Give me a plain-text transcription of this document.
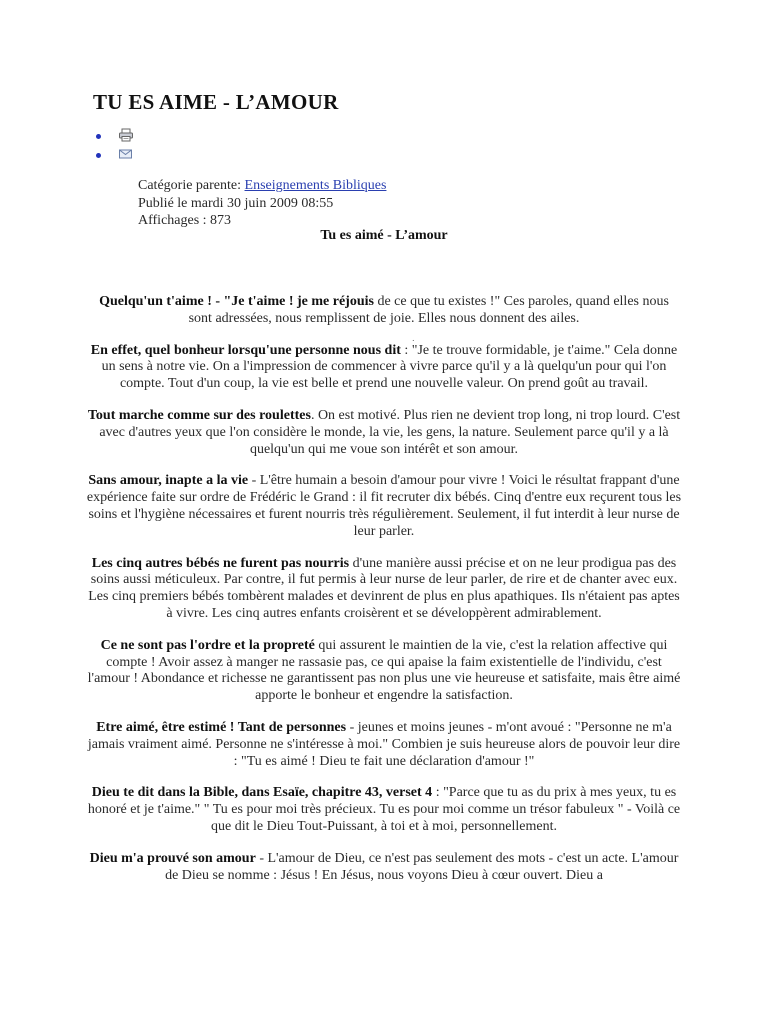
TU ES AIME - L’AMOUR
Catégorie parente: Enseignements Bibliques
Publié le mardi 30 juin 2009 08:55
Affichages : 873
Tu es aimé - L’amour
.

Quelqu'un t'aime ! - "Je t'aime ! je me réjouis de ce que tu existes !" Ces paroles, quand elles nous sont adressées, nous remplissent de joie. Elles nous donnent des ailes.

En effet, quel bonheur lorsqu'une personne nous dit : "Je te trouve formidable, je t'aime." Cela donne un sens à notre vie. On a l'impression de commencer à vivre parce qu'il y a là quelqu'un pour qui l'on compte. Tout d'un coup, la vie est belle et prend une nouvelle valeur. On prend goût au travail.

Tout marche comme sur des roulettes. On est motivé. Plus rien ne devient trop long, ni trop lourd. C'est avec d'autres yeux que l'on considère le monde, la vie, les gens, la nature. Seulement parce qu'il y a là quelqu'un qui me voue son intérêt et son amour.

Sans amour, inapte a la vie - L'être humain a besoin d'amour pour vivre ! Voici le résultat frappant d'une expérience faite sur ordre de Frédéric le Grand : il fit recruter dix bébés. Cinq d'entre eux reçurent tous les soins et l'hygiène nécessaires et furent nourris très régulièrement. Seulement, il fut interdit à leur nurse de leur parler.

Les cinq autres bébés ne furent pas nourris d'une manière aussi précise et on ne leur prodigua pas des soins aussi méticuleux. Par contre, il fut permis à leur nurse de leur parler, de rire et de chanter avec eux. Les cinq premiers bébés tombèrent malades et devinrent de plus en plus apathiques. Ils n'étaient pas aptes à vivre. Les cinq autres enfants croisèrent et se développèrent admirablement.

Ce ne sont pas l'ordre et la propreté qui assurent le maintien de la vie, c'est la relation affective qui compte ! Avoir assez à manger ne rassasie pas, ce qui apaise la faim existentielle de l'individu, c'est l'amour ! Abondance et richesse ne garantissent pas non plus une vie heureuse et satisfaite, mais être aimé apporte le bonheur et engendre la satisfaction.

Etre aimé, être estimé ! Tant de personnes - jeunes et moins jeunes - m'ont avoué : "Personne ne m'a jamais vraiment aimé. Personne ne s'intéresse à moi." Combien je suis heureuse alors de pouvoir leur dire : "Tu es aimé ! Dieu te fait une déclaration d'amour !"

Dieu te dit dans la Bible, dans Esaïe, chapitre 43, verset 4 : "Parce que tu as du prix à mes yeux, tu es honoré et je t'aime." " Tu es pour moi très précieux. Tu es pour moi comme un trésor fabuleux " - Voilà ce que dit le Dieu Tout-Puissant, à toi et à moi, personnellement.

Dieu m'a prouvé son amour - L'amour de Dieu, ce n'est pas seulement des mots - c'est un acte. L'amour de Dieu se nomme : Jésus ! En Jésus, nous voyons Dieu à cœur ouvert. Dieu a
